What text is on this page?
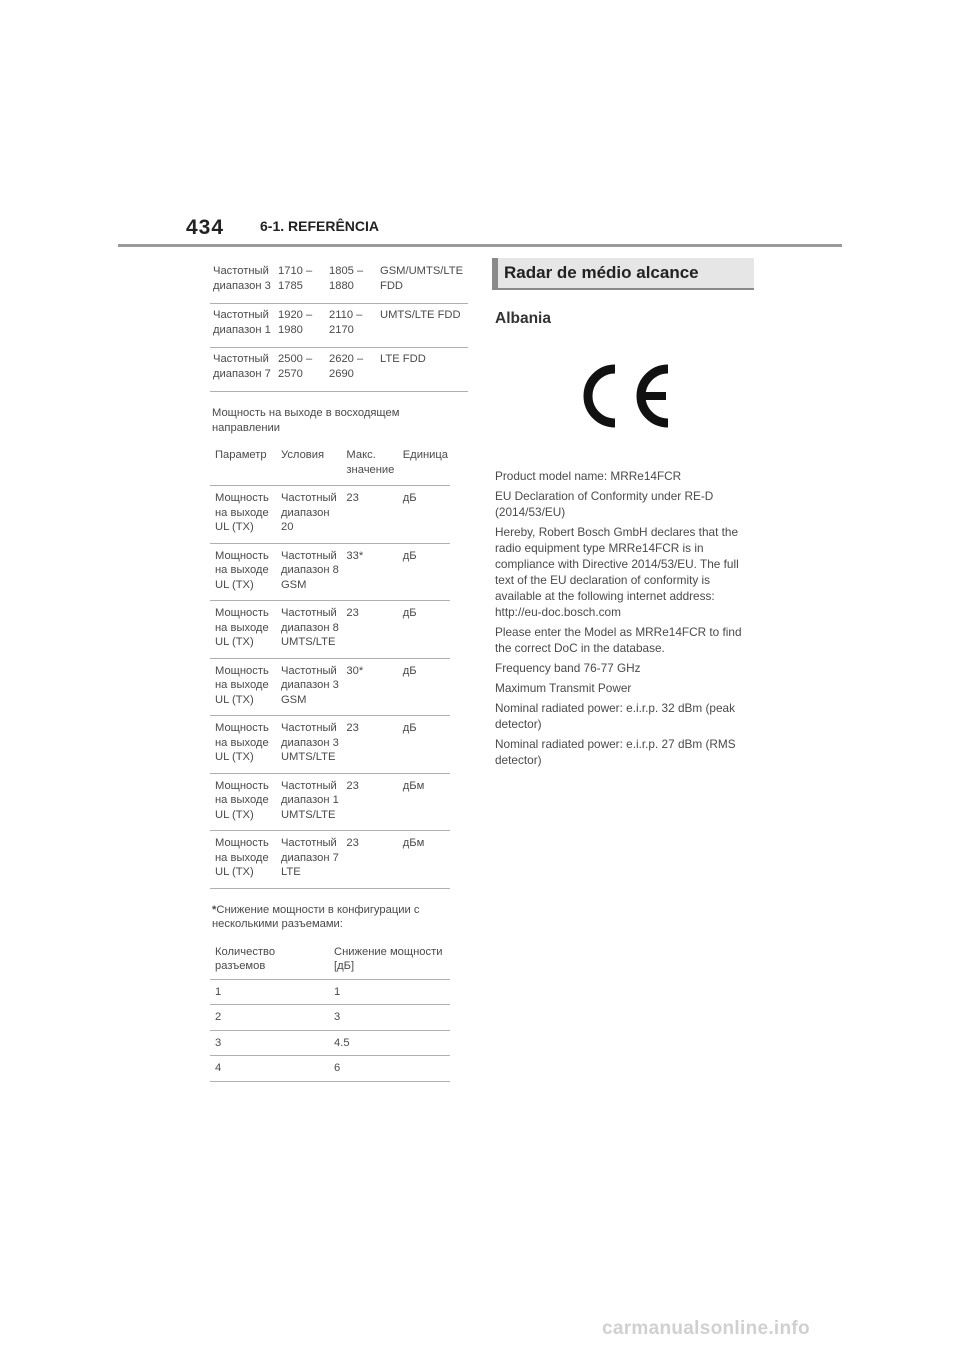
434	6-1. REFERÊNCIA
Частотный диапазон 3	1710 – 1785	1805 – 1880	GSM/UMTS/LTE FDD
Частотный диапазон 1	1920 – 1980	2110 – 2170	UMTS/LTE FDD
Частотный диапазон 7	2500 – 2570	2620 – 2690	LTE FDD
Мощность на выходе в восходящем направлении
Параметр	Условия	Макс. значение	Единица
Мощность на выходе UL (TX)	Частотный диапазон 20	23	дБ
Мощность на выходе UL (TX)	Частотный диапазон 8 GSM	33*	дБ
Мощность на выходе UL (TX)	Частотный диапазон 8 UMTS/LTE	23	дБ
Мощность на выходе UL (TX)	Частотный диапазон 3 GSM	30*	дБ
Мощность на выходе UL (TX)	Частотный диапазон 3 UMTS/LTE	23	дБ
Мощность на выходе UL (TX)	Частотный диапазон 1 UMTS/LTE	23	дБм
Мощность на выходе UL (TX)	Частотный диапазон 7 LTE	23	дБм
*Снижение мощности в конфигурации с несколькими разъемами:
Количество разъемов	Снижение мощности [дБ]
1	1
2	3
3	4.5
4	6
Radar de médio alcance
Albania

Product model name: MRRe14FCR

EU Declaration of Conformity under RE-D (2014/53/EU)

Hereby, Robert Bosch GmbH declares that the radio equipment type MRRe14FCR is in compliance with Directive 2014/53/EU. The full text of the EU declaration of conformity is available at the following internet address: http://eu-doc.bosch.com

Please enter the Model as MRRe14FCR to find the correct DoC in the database.

Frequency band 76-77 GHz

Maximum Transmit Power

Nominal radiated power: e.i.r.p. 32 dBm (peak detector)

Nominal radiated power: e.i.r.p. 27 dBm (RMS detector)

carmanualsonline.info
